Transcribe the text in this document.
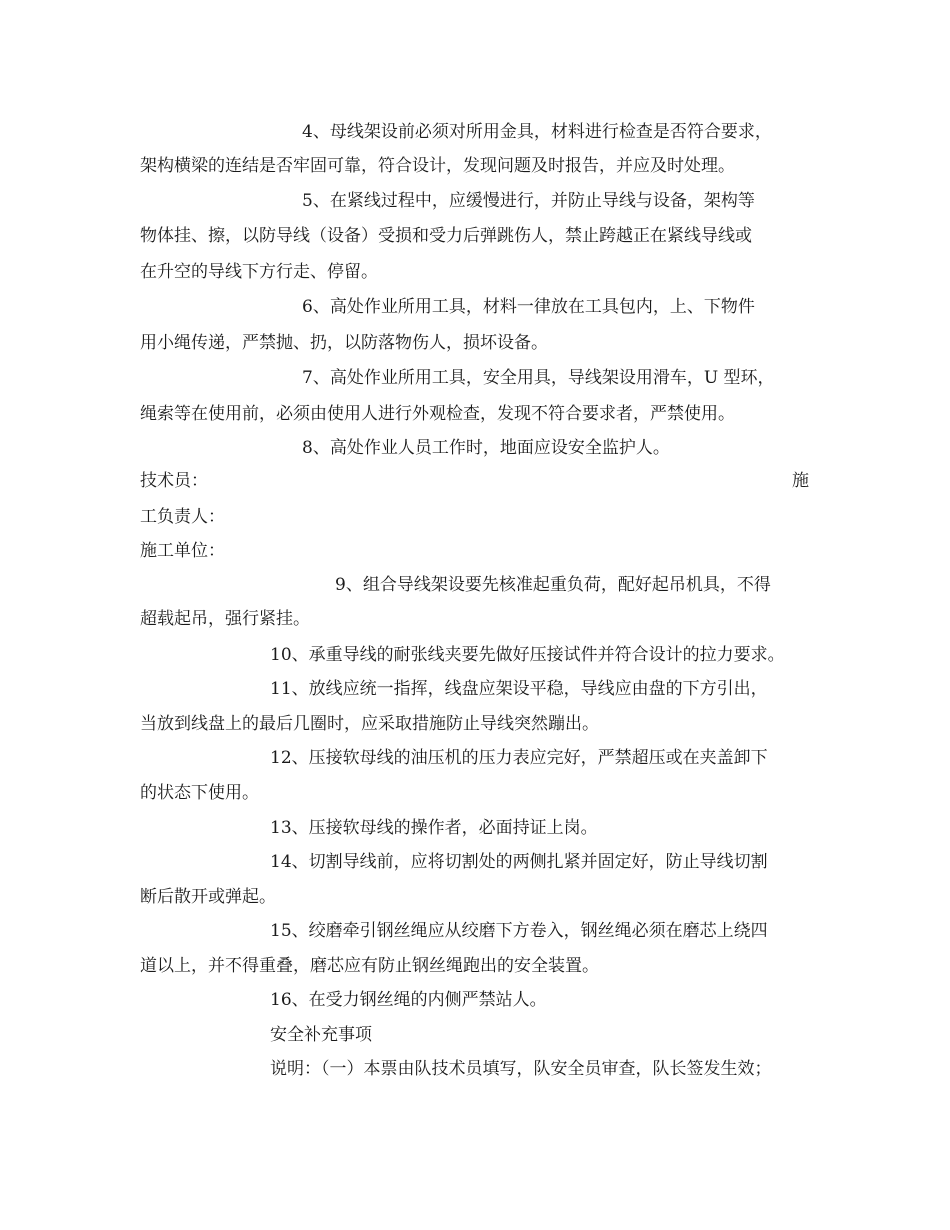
4、母线架设前必须对所用金具，材料进行检查是否符合要求，

架构横梁的连结是否牢固可靠，符合设计，发现问题及时报告，并应及时处理。

5、在紧线过程中，应缓慢进行，并防止导线与设备，架构等

物体挂、擦，以防导线（设备）受损和受力后弹跳伤人，禁止跨越正在紧线导线或

在升空的导线下方行走、停留。

6、高处作业所用工具，材料一律放在工具包内，上、下物件

用小绳传递，严禁抛、扔，以防落物伤人，损坏设备。

7、高处作业所用工具，安全用具，导线架设用滑车，U 型环，

绳索等在使用前，必须由使用人进行外观检查，发现不符合要求者，严禁使用。

8、高处作业人员工作时，地面应设安全监护人。

技术员：	施

工负责人：

施工单位：

9、组合导线架设要先核准起重负荷，配好起吊机具，不得

超载起吊，强行紧挂。

10、承重导线的耐张线夹要先做好压接试件并符合设计的拉力要求。

11、放线应统一指挥，线盘应架设平稳，导线应由盘的下方引出，

当放到线盘上的最后几圈时，应采取措施防止导线突然蹦出。

12、压接软母线的油压机的压力表应完好，严禁超压或在夹盖卸下

的状态下使用。

13、压接软母线的操作者，必面持证上岗。

14、切割导线前，应将切割处的两侧扎紧并固定好，防止导线切割

断后散开或弹起。

15、绞磨牵引钢丝绳应从绞磨下方卷入，钢丝绳必须在磨芯上绕四

道以上，并不得重叠，磨芯应有防止钢丝绳跑出的安全装置。

16、在受力钢丝绳的内侧严禁站人。

安全补充事项

说明：（一）本票由队技术员填写，队安全员审查，队长签发生效；
